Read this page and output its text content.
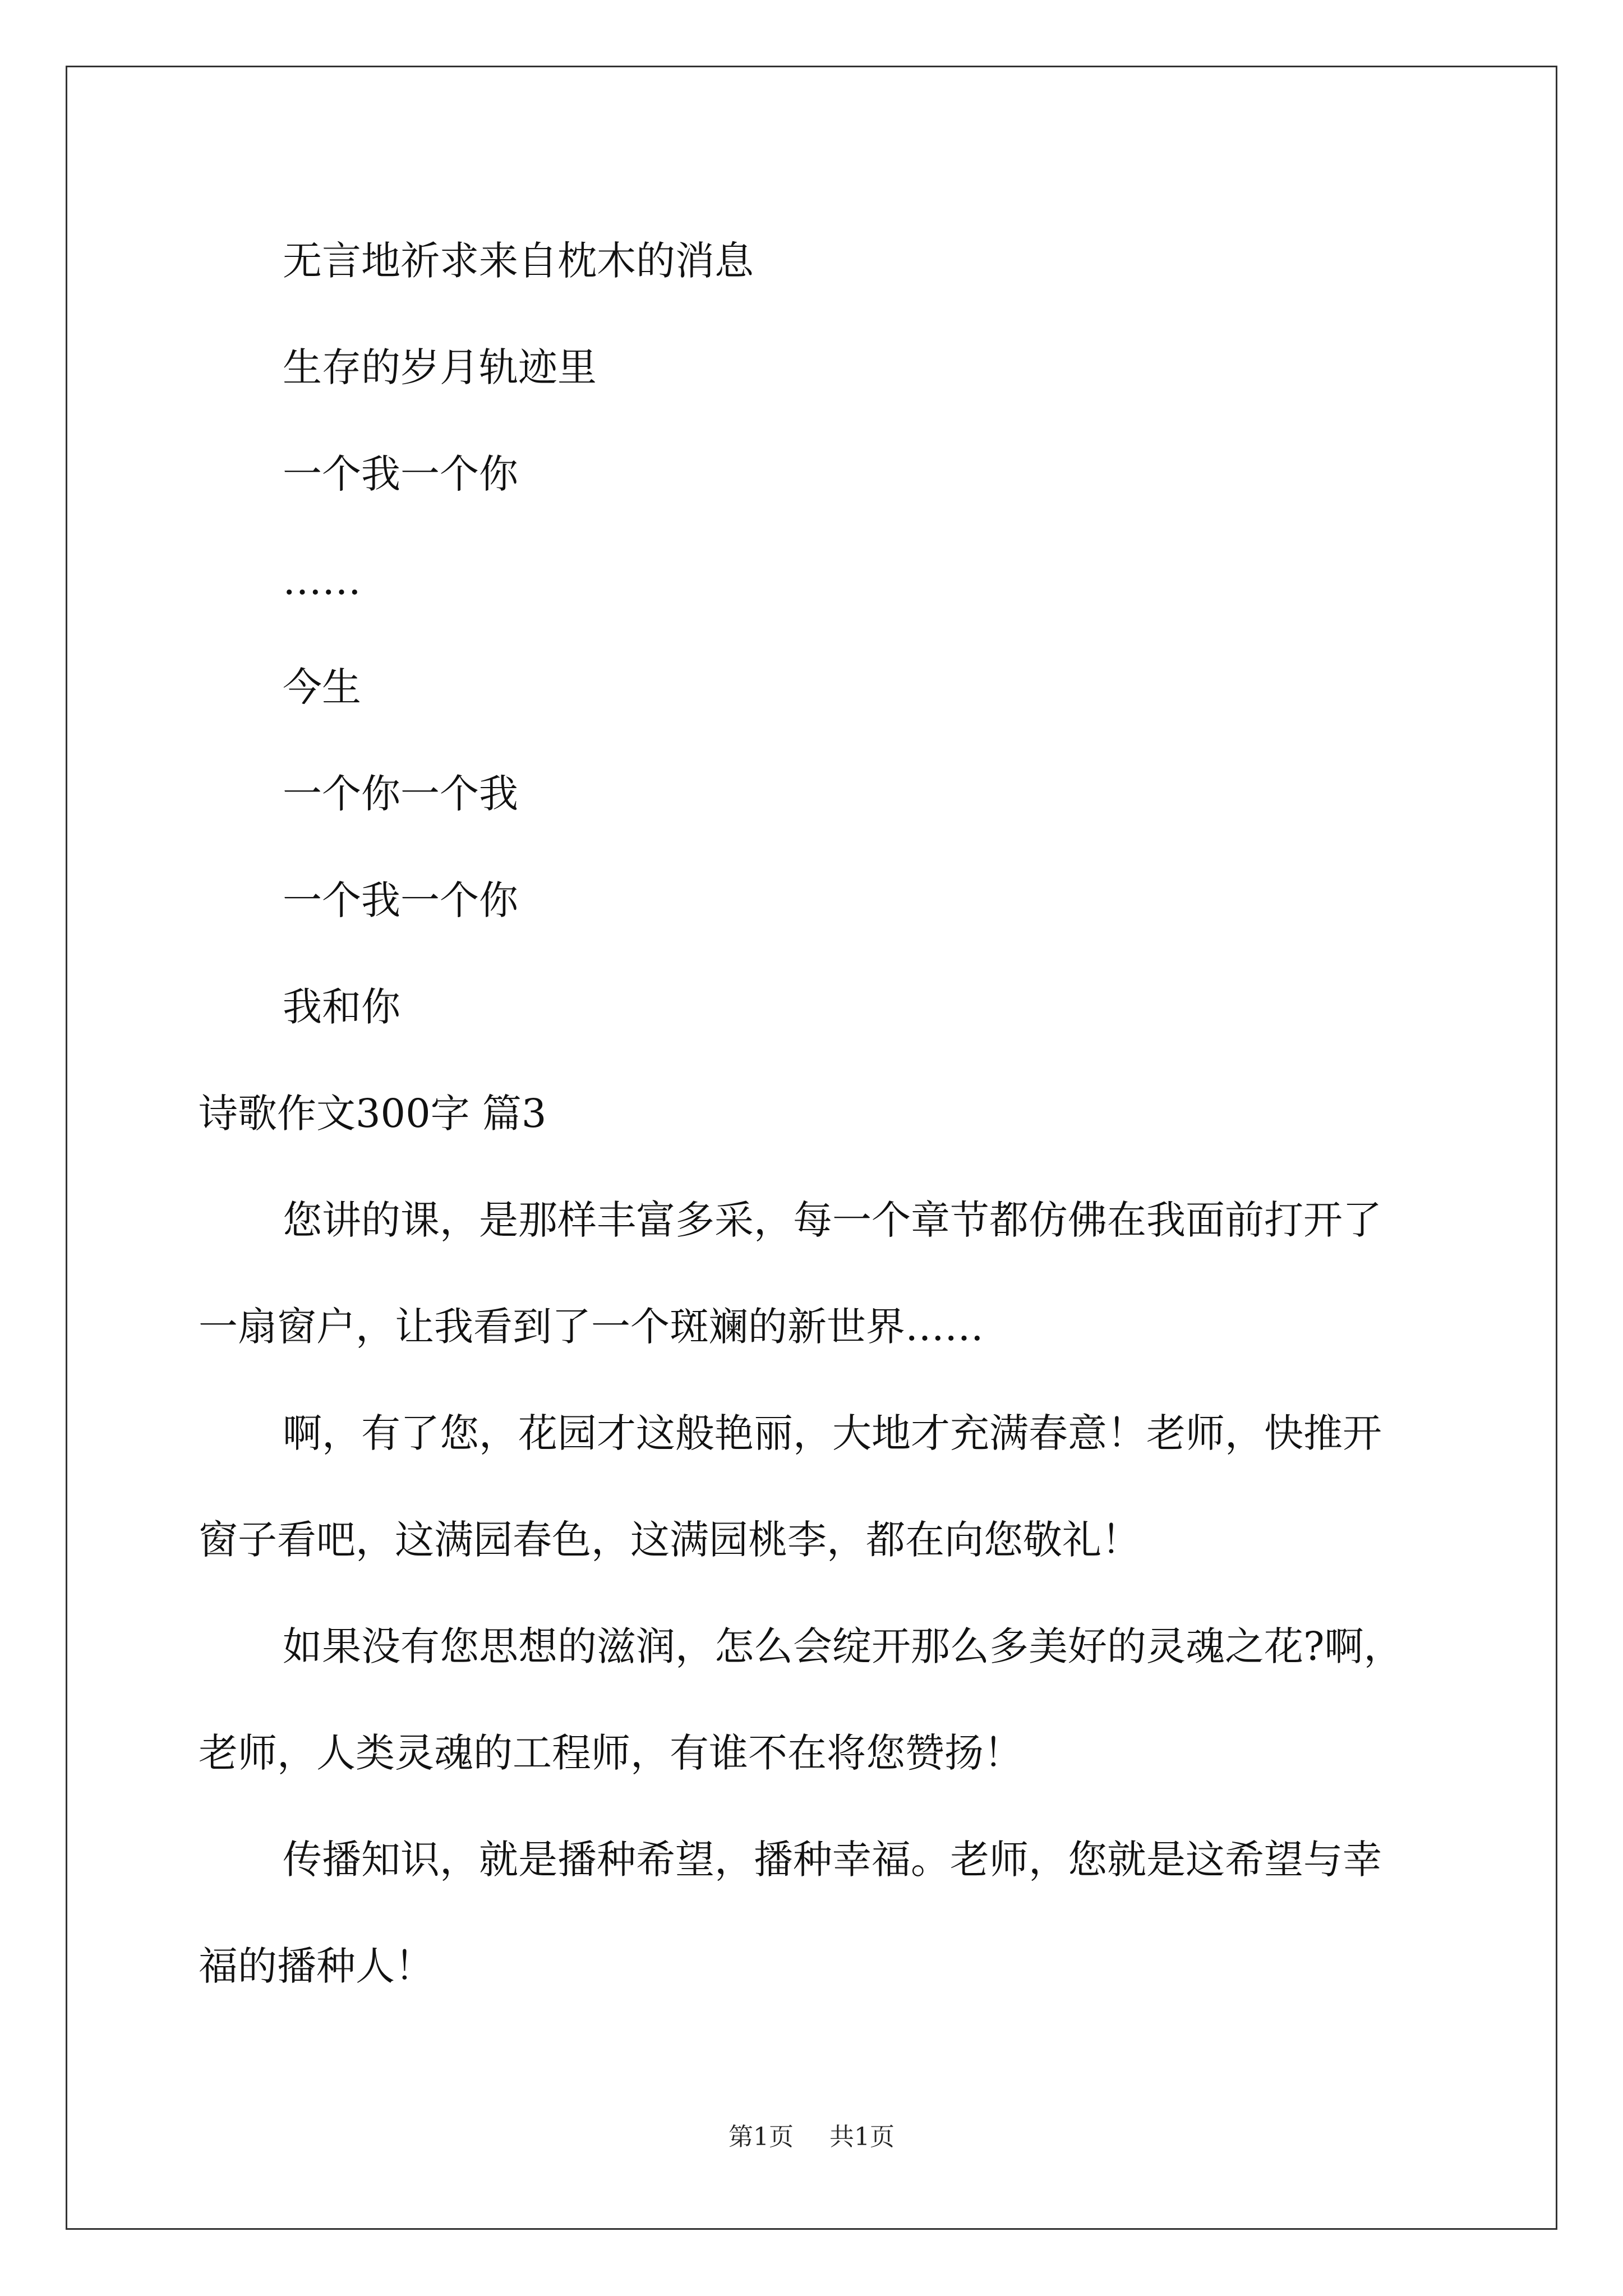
无言地祈求来自枕木的消息
生存的岁月轨迹里
一个我一个你
……
今生
一个你一个我
一个我一个你
我和你
诗歌作文300字 篇3
您讲的课，是那样丰富多采，每一个章节都仿佛在我面前打开了
一扇窗户，让我看到了一个斑斓的新世界……
啊，有了您，花园才这般艳丽，大地才充满春意！老师，快推开
窗子看吧，这满园春色，这满园桃李，都在向您敬礼！
如果没有您思想的滋润，怎么会绽开那么多美好的灵魂之花?啊，
老师，人类灵魂的工程师，有谁不在将您赞扬！
传播知识，就是播种希望，播种幸福。老师，您就是这希望与幸
福的播种人！
第1页 共1页
